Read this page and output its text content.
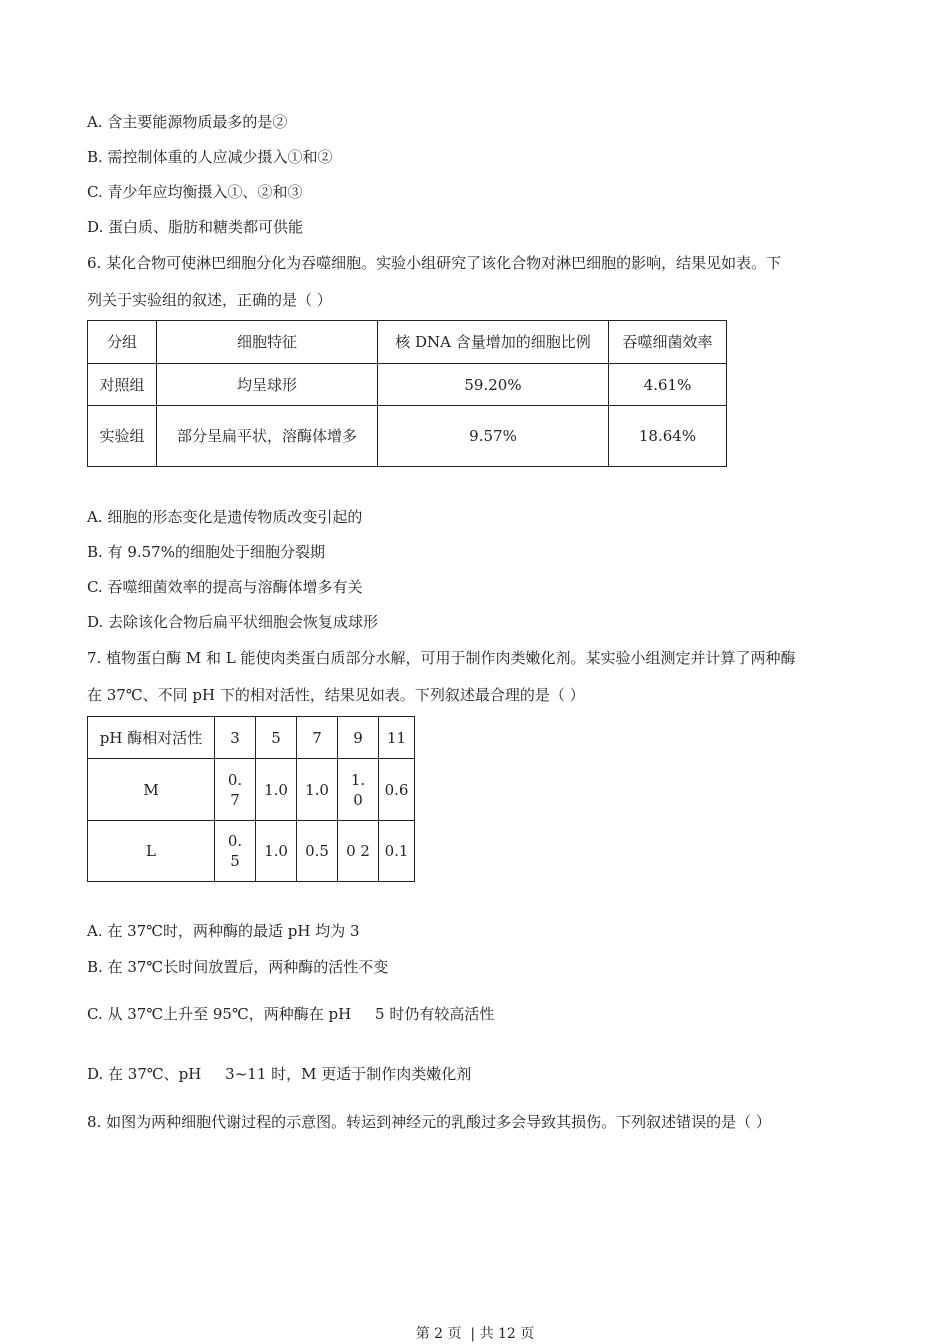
A. 含主要能源物质最多的是②
B. 需控制体重的人应减少摄入①和②
C. 青少年应均衡摄入①、②和③
D. 蛋白质、脂肪和糖类都可供能
6. 某化合物可使淋巴细胞分化为吞噬细胞。实验小组研究了该化合物对淋巴细胞的影响，结果见如表。下
列关于实验组的叙述，正确的是（ ）
分组	细胞特征	核 DNA 含量增加的细胞比例	吞噬细菌效率
对照组	均呈球形	59.20%	4.61%
实验组	部分呈扁平状，溶酶体增多	9.57%	18.64%
A. 细胞的形态变化是遗传物质改变引起的
B. 有 9.57%的细胞处于细胞分裂期
C. 吞噬细菌效率的提高与溶酶体增多有关
D. 去除该化合物后扁平状细胞会恢复成球形
7. 植物蛋白酶 M 和 L 能使肉类蛋白质部分水解，可用于制作肉类嫩化剂。某实验小组测定并计算了两种酶
在 37℃、不同 pH 下的相对活性，结果见如表。下列叙述最合理的是（ ）
pH 酶相对活性	3	5	7	9	11
M	0.7	1.0	1.0	1.0	0.6
L	0.5	1.0	0.5	0 2	0.1
A. 在 37℃时，两种酶的最适 pH 均为 3
B. 在 37℃长时间放置后，两种酶的活性不变
C. 从 37℃上升至 95℃，两种酶在 pH     5 时仍有较高活性
D. 在 37℃、pH     3~11 时，M 更适于制作肉类嫩化剂
8. 如图为两种细胞代谢过程的示意图。转运到神经元的乳酸过多会导致其损伤。下列叙述错误的是（ ）
第 2 页  | 共 12 页
